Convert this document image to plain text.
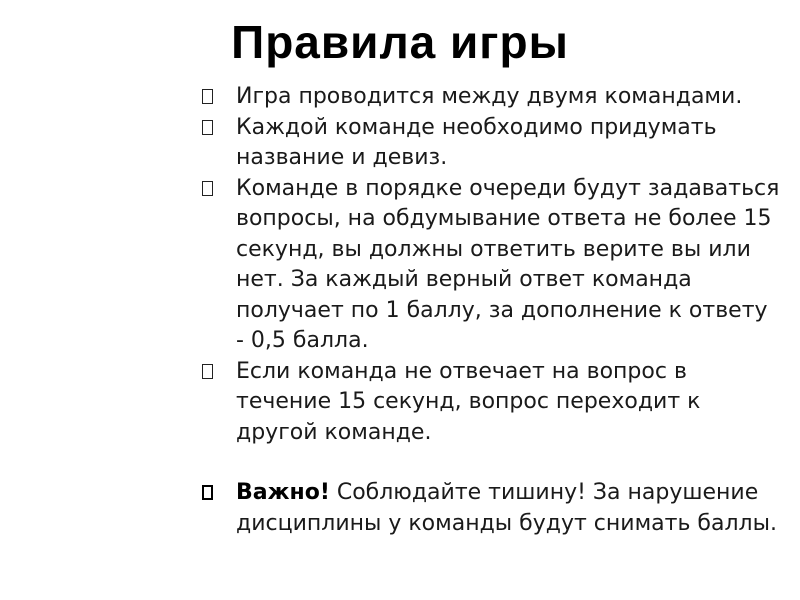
Правила игры
Игра проводится между двумя командами.
Каждой команде необходимо придумать название и девиз.
Команде в порядке очереди будут задаваться вопросы, на обдумывание ответа не более 15 секунд, вы должны ответить верите вы или нет. За каждый верный ответ команда получает по 1 баллу, за дополнение к ответу - 0,5 балла.
Если команда не отвечает на вопрос в течение 15 секунд, вопрос переходит к другой команде.
Важно! Соблюдайте тишину! За нарушение дисциплины у команды будут снимать баллы.
